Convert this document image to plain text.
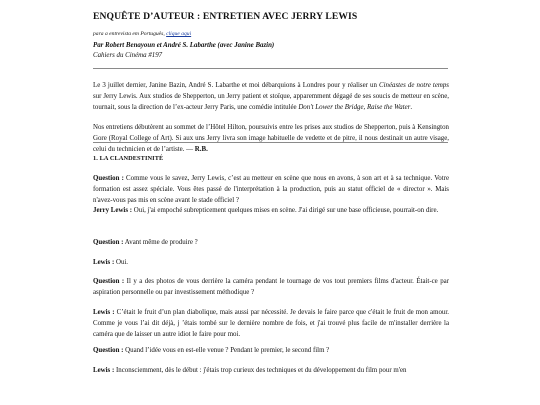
ENQUÊTE D’AUTEUR : ENTRETIEN AVEC JERRY LEWIS
para a entrevista em Português, clique aqui
Par Robert Benayoun et André S. Labarthe (avec Janine Bazin)
Cahiers du Cinéma #197
Le 3 juillet dernier, Janine Bazin, André S. Labarthe et moi débarquions à Londres pour y réaliser un Cinéastes de notre temps sur Jerry Lewis. Aux studios de Shepperton, un Jerry patient et stoïque, apparemment dégagé de ses soucis de metteur en scène, tournait, sous la direction de l’ex-acteur Jerry Paris, une comédie intitulée Don't Lower the Bridge, Raise the Water.
Nos entretiens débutèrent au sommet de l’Hôtel Hilton, poursuivis entre les prises aux studios de Shepperton, puis à Kensington Gore (Royal College of Art). Si aux uns Jerry livra son image habituelle de vedette et de pitre, il nous destinait un autre visage, celui du technicien et de l’artiste. — R.B.
1. LA CLANDESTINITÉ
Question : Comme vous le savez, Jerry Lewis, c’est au metteur en scène que nous en avons, à son art et à sa technique. Votre formation est assez spéciale. Vous êtes passé de l'interprétation à la production, puis au statut officiel de « director ». Mais n'avez-vous pas mis en scène avant le stade officiel ?
Jerry Lewis : Oui, j'ai empoché subrepticement quelques mises en scène. J'ai dirigé sur une base officieuse, pourrait-on dire.
Question : Avant même de produire ?
Lewis : Oui.
Question : Il y a des photos de vous derrière la caméra pendant le tournage de vos tout premiers films d'acteur. Était-ce par aspiration personnelle ou par investissement méthodique ?
Lewis : C’était le fruit d’un plan diabolique, mais aussi par nécessité. Je devais le faire parce que c'était le fruit de mon amour. Comme je vous l’ai dit déjà, j ’étais tombé sur le dernière nombre de fois, et j'ai trouvé plus facile de m'installer derrière la caméra que de laisser un autre idiot le faire pour moi.
Question : Quand l’idée vous en est-elle venue ? Pendant le premier, le second film ?
Lewis : Inconsciemment, dès le début : j'étais trop curieux des techniques et du développement du film pour m'en
